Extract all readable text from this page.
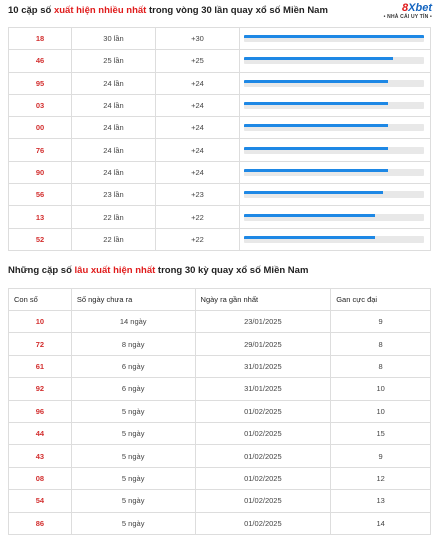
10 cặp số xuất hiện nhiều nhất trong vòng 30 lần quay xổ số Miền Nam	8Xbet
• NHÀ CÁI UY TÍN •
18	30 lần	+30	

46	25 lần	+25	

95	24 lần	+24	

03	24 lần	+24	

00	24 lần	+24	

76	24 lần	+24	

90	24 lần	+24	

56	23 lần	+23	

13	22 lần	+22	

52	22 lần	+22	
Những cặp số lâu xuất hiện nhất trong 30 kỳ quay xổ số Miền Nam
Con số	Số ngày chưa ra	Ngày ra gần nhất	Gan cực đại
10	14 ngày	23/01/2025	9
72	8 ngày	29/01/2025	8
61	6 ngày	31/01/2025	8
92	6 ngày	31/01/2025	10
96	5 ngày	01/02/2025	10
44	5 ngày	01/02/2025	15
43	5 ngày	01/02/2025	9
08	5 ngày	01/02/2025	12
54	5 ngày	01/02/2025	13
86	5 ngày	01/02/2025	14
